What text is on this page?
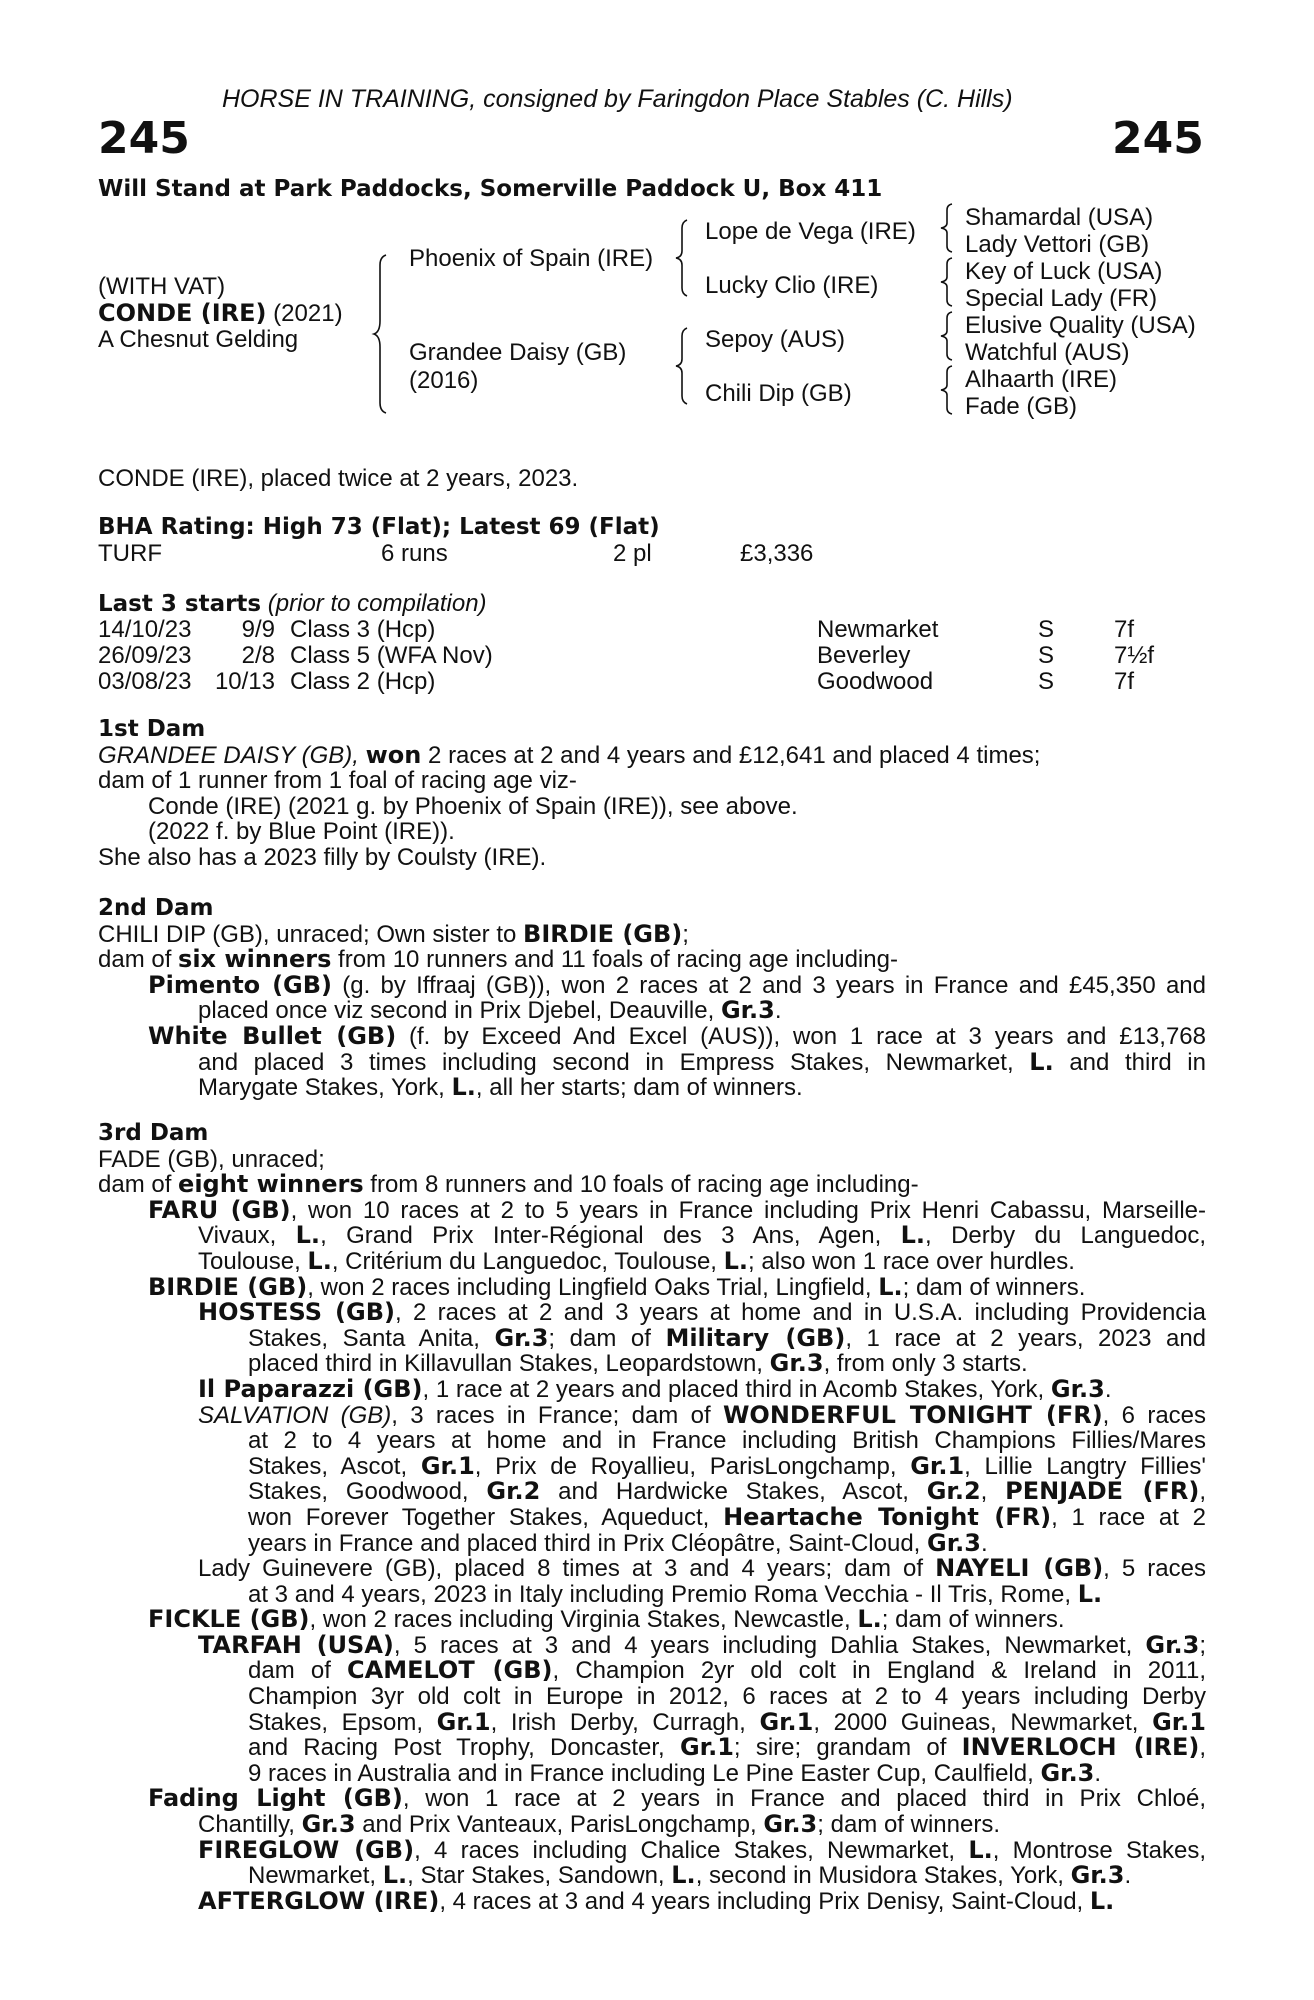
HORSE IN TRAINING, consigned by Faringdon Place Stables (C. Hills)
245	245
Will Stand at Park Paddocks, Somerville Paddock U, Box 411
(WITH VAT)
CONDE (IRE) (2021)
A Chesnut Gelding
Phoenix of Spain (IRE)
Grandee Daisy (GB)
(2016)
Lope de Vega (IRE)
Lucky Clio (IRE)
Sepoy (AUS)
Chili Dip (GB)
Shamardal (USA)
Lady Vettori (GB)
Key of Luck (USA)
Special Lady (FR)
Elusive Quality (USA)
Watchful (AUS)
Alhaarth (IRE)
Fade (GB)
CONDE (IRE), placed twice at 2 years, 2023.
BHA Rating: High 73 (Flat); Latest 69 (Flat)
TURF	6 runs	2 pl	£3,336
Last 3 starts (prior to compilation)
14/10/23	9/9 Class 3 (Hcp)	Newmarket	S 7f
26/09/23	2/8 Class 5 (WFA Nov)	Beverley	S 7½f
03/08/23 10/13 Class 2 (Hcp)	Goodwood	S 7f
1st Dam
GRANDEE DAISY (GB), won 2 races at 2 and 4 years and £12,641 and placed 4 times;
dam of 1 runner from 1 foal of racing age viz-
Conde (IRE) (2021 g. by Phoenix of Spain (IRE)), see above.
(2022 f. by Blue Point (IRE)).
She also has a 2023 filly by Coulsty (IRE).
2nd Dam
CHILI DIP (GB), unraced; Own sister to BIRDIE (GB);
dam of six winners from 10 runners and 11 foals of racing age including-
Pimento (GB) (g. by Iffraaj (GB)), won 2 races at 2 and 3 years in France and £45,350 and
placed once viz second in Prix Djebel, Deauville, Gr.3.
White Bullet (GB) (f. by Exceed And Excel (AUS)), won 1 race at 3 years and £13,768
and placed 3 times including second in Empress Stakes, Newmarket, L. and third in
Marygate Stakes, York, L., all her starts; dam of winners.
3rd Dam
FADE (GB), unraced;
dam of eight winners from 8 runners and 10 foals of racing age including-
FARU (GB), won 10 races at 2 to 5 years in France including Prix Henri Cabassu, Marseille-
Vivaux, L., Grand Prix Inter-Régional des 3 Ans, Agen, L., Derby du Languedoc,
Toulouse, L., Critérium du Languedoc, Toulouse, L.; also won 1 race over hurdles.
BIRDIE (GB), won 2 races including Lingfield Oaks Trial, Lingfield, L.; dam of winners.
HOSTESS (GB), 2 races at 2 and 3 years at home and in U.S.A. including Providencia
Stakes, Santa Anita, Gr.3; dam of Military (GB), 1 race at 2 years, 2023 and
placed third in Killavullan Stakes, Leopardstown, Gr.3, from only 3 starts.
Il Paparazzi (GB), 1 race at 2 years and placed third in Acomb Stakes, York, Gr.3.
SALVATION (GB), 3 races in France; dam of WONDERFUL TONIGHT (FR), 6 races
at 2 to 4 years at home and in France including British Champions Fillies/Mares
Stakes, Ascot, Gr.1, Prix de Royallieu, ParisLongchamp, Gr.1, Lillie Langtry Fillies'
Stakes, Goodwood, Gr.2 and Hardwicke Stakes, Ascot, Gr.2, PENJADE (FR),
won Forever Together Stakes, Aqueduct, Heartache Tonight (FR), 1 race at 2
years in France and placed third in Prix Cléopâtre, Saint-Cloud, Gr.3.
Lady Guinevere (GB), placed 8 times at 3 and 4 years; dam of NAYELI (GB), 5 races
at 3 and 4 years, 2023 in Italy including Premio Roma Vecchia - Il Tris, Rome, L.
FICKLE (GB), won 2 races including Virginia Stakes, Newcastle, L.; dam of winners.
TARFAH (USA), 5 races at 3 and 4 years including Dahlia Stakes, Newmarket, Gr.3;
dam of CAMELOT (GB), Champion 2yr old colt in England & Ireland in 2011,
Champion 3yr old colt in Europe in 2012, 6 races at 2 to 4 years including Derby
Stakes, Epsom, Gr.1, Irish Derby, Curragh, Gr.1, 2000 Guineas, Newmarket, Gr.1
and Racing Post Trophy, Doncaster, Gr.1; sire; grandam of INVERLOCH (IRE),
9 races in Australia and in France including Le Pine Easter Cup, Caulfield, Gr.3.
Fading Light (GB), won 1 race at 2 years in France and placed third in Prix Chloé,
Chantilly, Gr.3 and Prix Vanteaux, ParisLongchamp, Gr.3; dam of winners.
FIREGLOW (GB), 4 races including Chalice Stakes, Newmarket, L., Montrose Stakes,
Newmarket, L., Star Stakes, Sandown, L., second in Musidora Stakes, York, Gr.3.
AFTERGLOW (IRE), 4 races at 3 and 4 years including Prix Denisy, Saint-Cloud, L.
